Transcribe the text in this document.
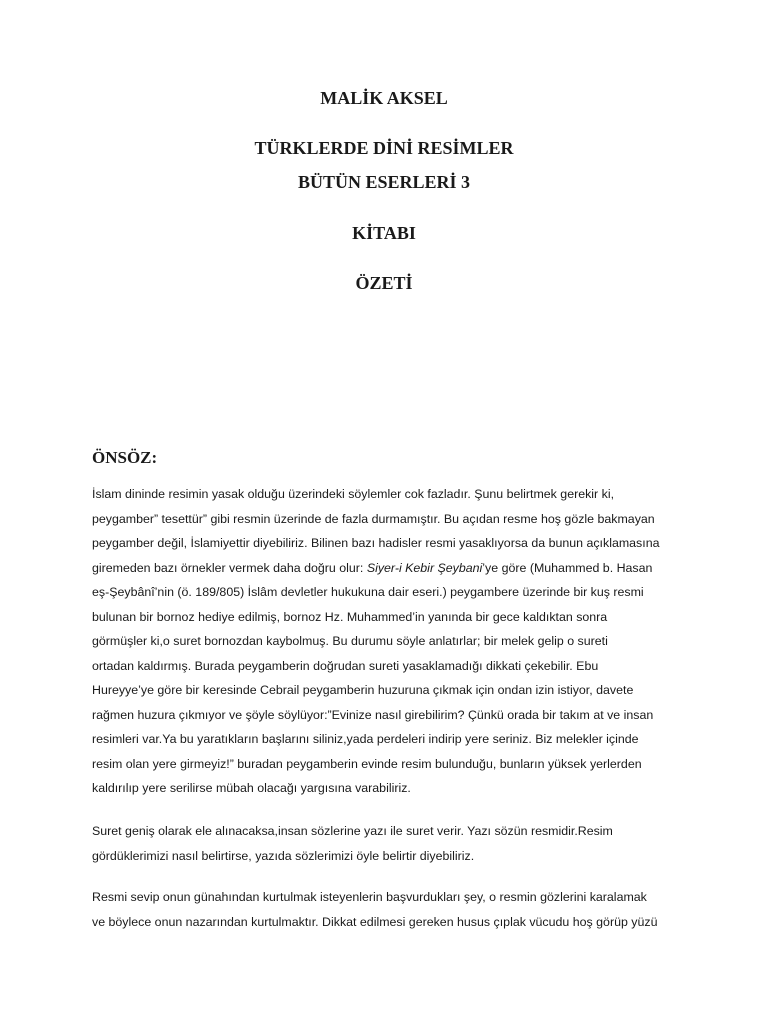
MALİK AKSEL
TÜRKLERDE DİNİ RESİMLER
BÜTÜN ESERLERİ 3
KİTABI
ÖZETİ
ÖNSÖZ:
İslam dininde resimin yasak olduğu üzerindeki söylemler cok fazladır. Şunu belirtmek gerekir ki,
peygamber” tesettür” gibi resmin üzerinde de fazla durmamıştır. Bu açıdan resme hoş gözle bakmayan
peygamber değil, İslamiyettir diyebiliriz. Bilinen bazı hadisler resmi yasaklıyorsa da bunun açıklamasına
giremeden bazı örnekler vermek daha doğru olur: Siyer-i Kebir Şeybani’ye göre (Muhammed b. Hasan
eş-Şeybânî’nin (ö. 189/805) İslâm devletler hukukuna dair eseri.) peygambere üzerinde bir kuş resmi
bulunan bir bornoz hediye edilmiş, bornoz Hz. Muhammed’in yanında bir gece kaldıktan sonra
görmüşler ki,o suret bornozdan kaybolmuş. Bu durumu söyle anlatırlar; bir melek gelip o sureti
ortadan kaldırmış. Burada peygamberin doğrudan sureti yasaklamadığı dikkati çekebilir. Ebu
Hureyye’ye göre bir keresinde Cebrail peygamberin huzuruna çıkmak için ondan izin istiyor, davete
rağmen huzura çıkmıyor ve şöyle söylüyor:”Evinize nasıl girebilirim? Çünkü orada bir takım at ve insan
resimleri var.Ya bu yaratıkların başlarını siliniz,yada perdeleri indirip yere seriniz. Biz melekler içinde
resim olan yere girmeyiz!” buradan peygamberin evinde resim bulunduğu, bunların yüksek yerlerden
kaldırılıp yere serilirse mübah olacağı yargısına varabiliriz.
Suret geniş olarak ele alınacaksa,insan sözlerine yazı ile suret verir. Yazı sözün resmidir.Resim
gördüklerimizi nasıl belirtirse, yazıda sözlerimizi öyle belirtir diyebiliriz.
Resmi sevip onun günahından kurtulmak isteyenlerin başvurdukları şey, o resmin gözlerini karalamak
ve böylece onun nazarından kurtulmaktır. Dikkat edilmesi gereken husus çıplak vücudu hoş görüp yüzü
